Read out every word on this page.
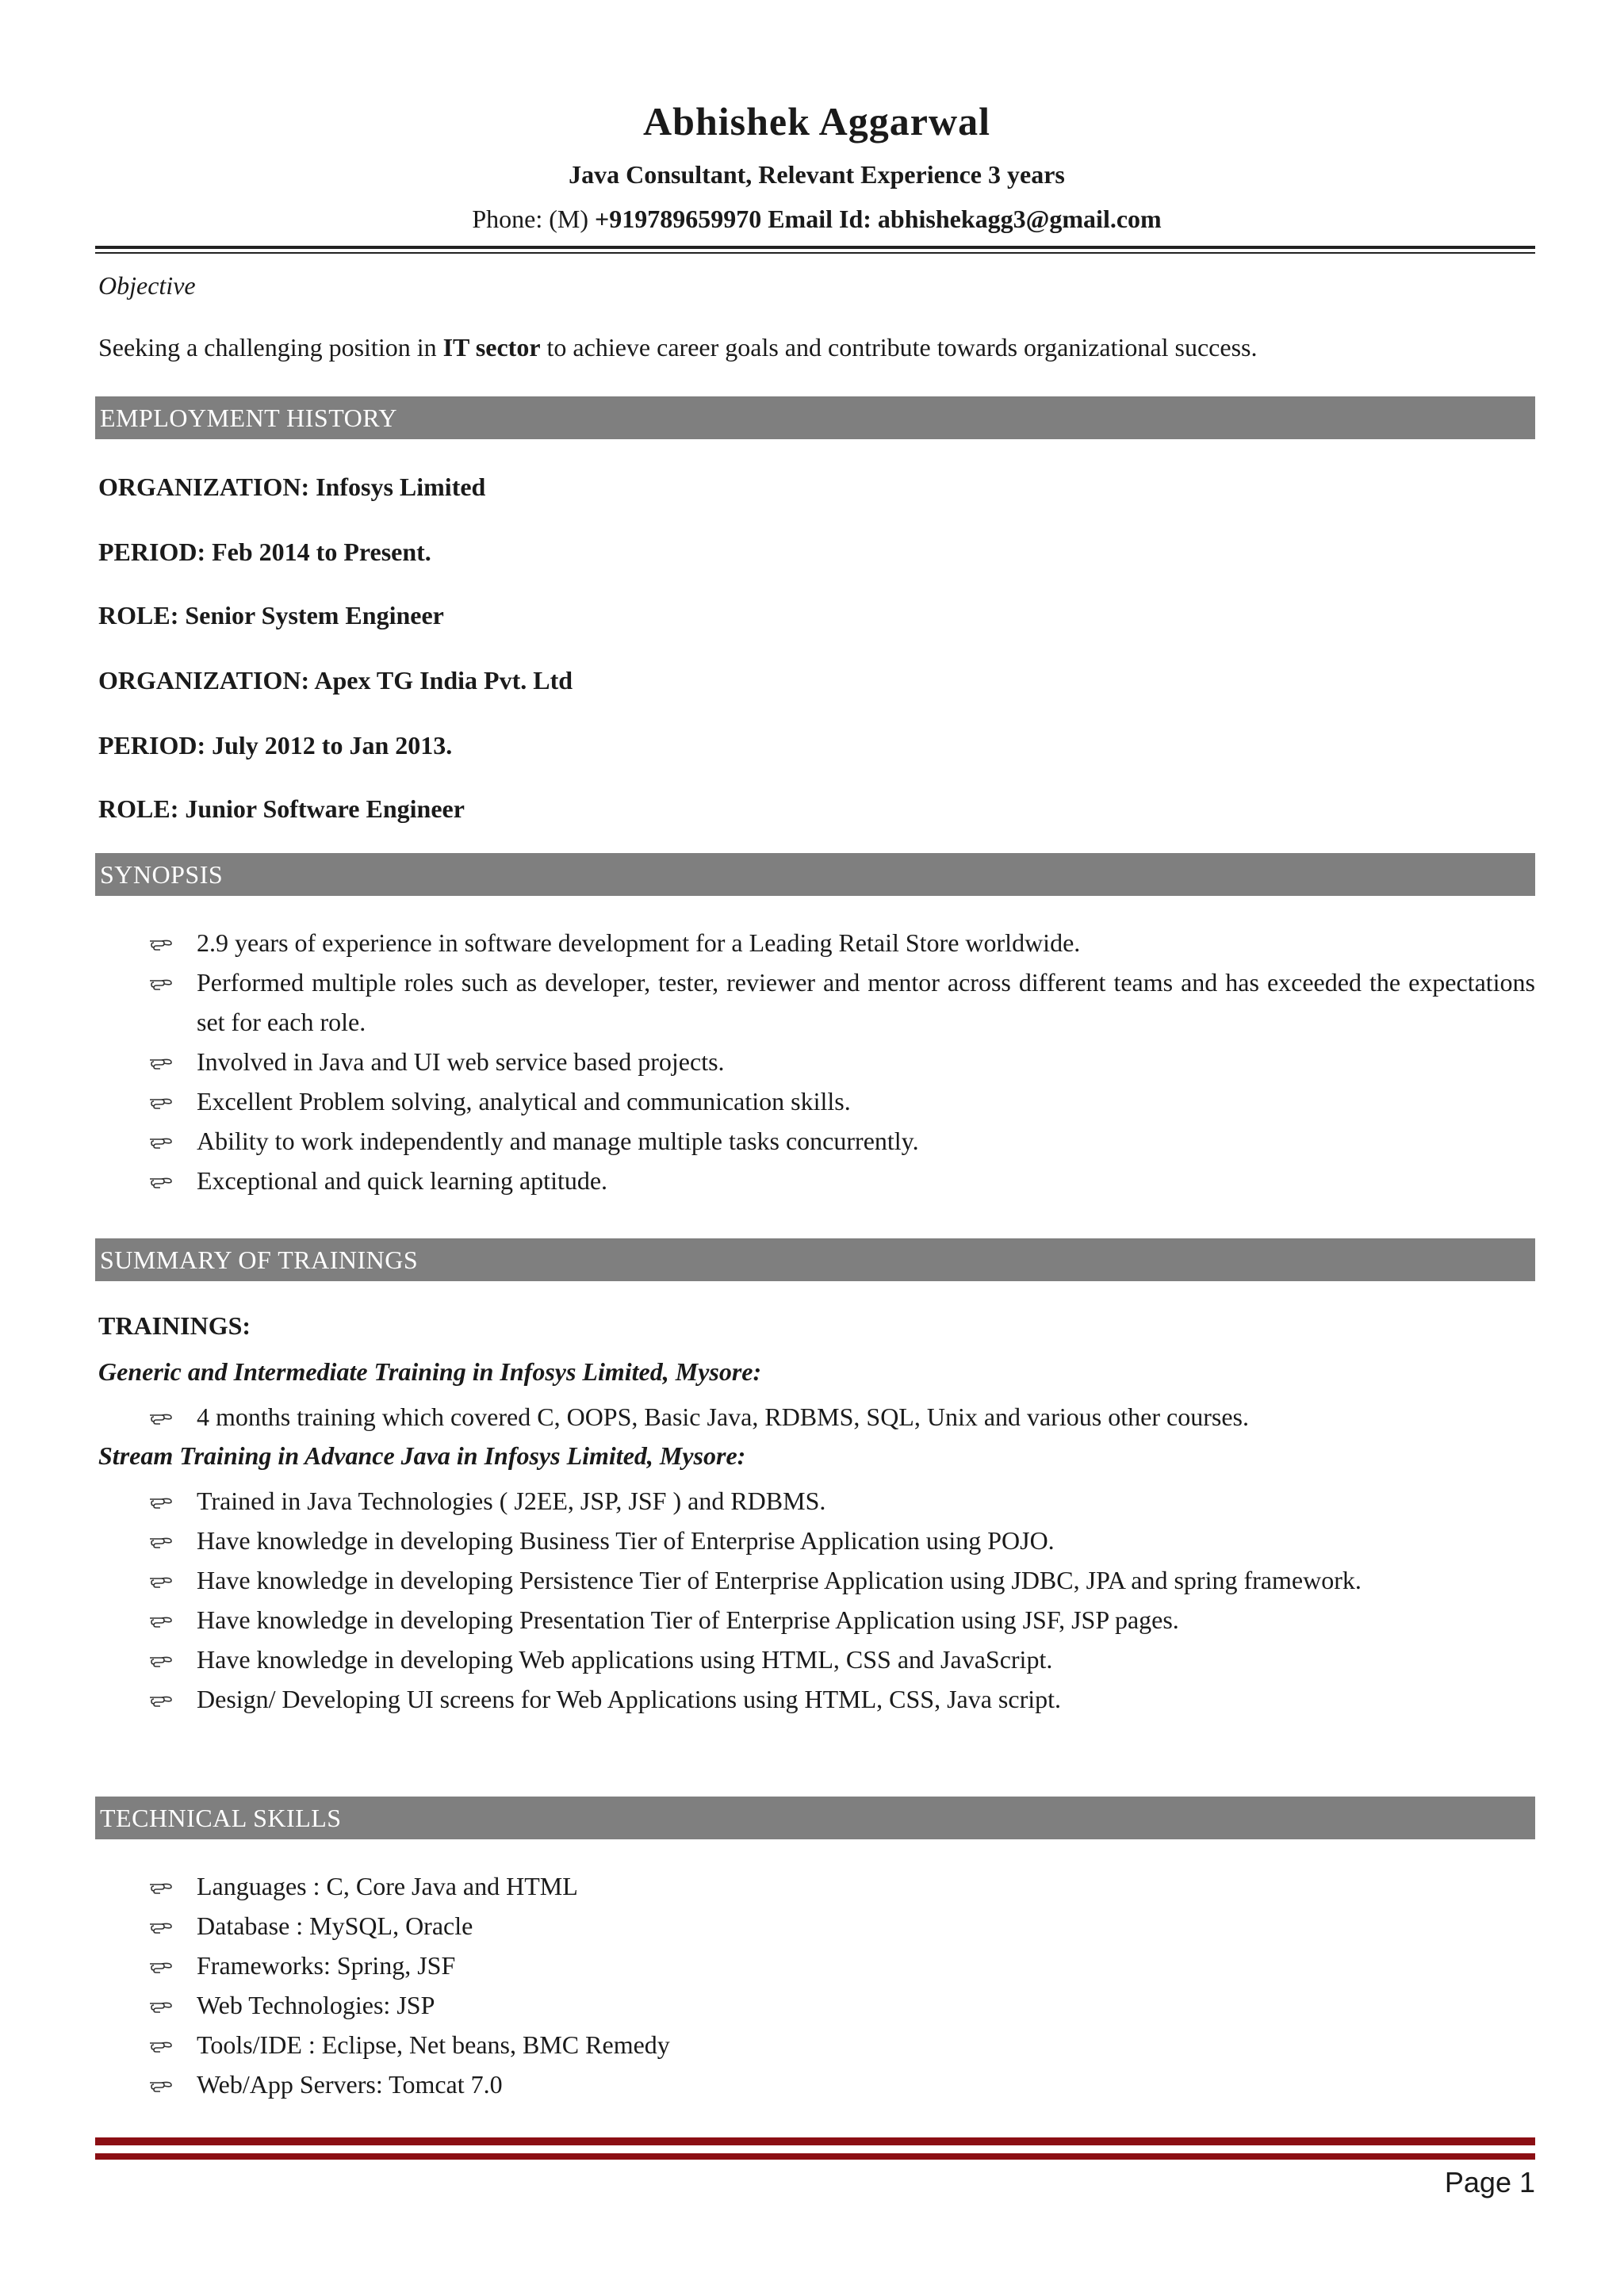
Abhishek Aggarwal
Java Consultant, Relevant Experience 3 years
Phone: (M) +919789659970 Email Id: abhishekagg3@gmail.com
Objective
Seeking a challenging position in IT sector to achieve career goals and contribute towards organizational success.
EMPLOYMENT HISTORY
ORGANIZATION: Infosys Limited
PERIOD: Feb 2014 to Present.
ROLE: Senior System Engineer
ORGANIZATION: Apex TG India Pvt. Ltd
PERIOD: July 2012 to Jan 2013.
ROLE: Junior Software Engineer
SYNOPSIS
2.9 years of experience in software development for a Leading Retail Store worldwide.
Performed multiple roles such as developer, tester, reviewer and mentor across different teams and has exceeded the expectations set for each role.
Involved in Java and UI web service based projects.
Excellent Problem solving, analytical and communication skills.
Ability to work independently and manage multiple tasks concurrently.
Exceptional and quick learning aptitude.
SUMMARY OF TRAININGS
TRAININGS:
Generic and Intermediate Training in Infosys Limited, Mysore:
4 months training which covered C, OOPS, Basic Java, RDBMS, SQL, Unix and various other courses.
Stream Training in Advance Java in Infosys Limited, Mysore:
Trained in Java Technologies ( J2EE, JSP, JSF ) and RDBMS.
Have knowledge in developing Business Tier of Enterprise Application using POJO.
Have knowledge in developing Persistence Tier of Enterprise Application using JDBC, JPA and spring framework.
Have knowledge in developing Presentation Tier of Enterprise Application using JSF, JSP pages.
Have knowledge in developing Web applications using HTML, CSS and JavaScript.
Design/ Developing UI screens for Web Applications using HTML, CSS, Java script.
TECHNICAL SKILLS
Languages : C, Core Java and HTML
Database : MySQL, Oracle
Frameworks: Spring, JSF
Web Technologies: JSP
Tools/IDE : Eclipse, Net beans, BMC Remedy
Web/App Servers: Tomcat 7.0
Page 1
